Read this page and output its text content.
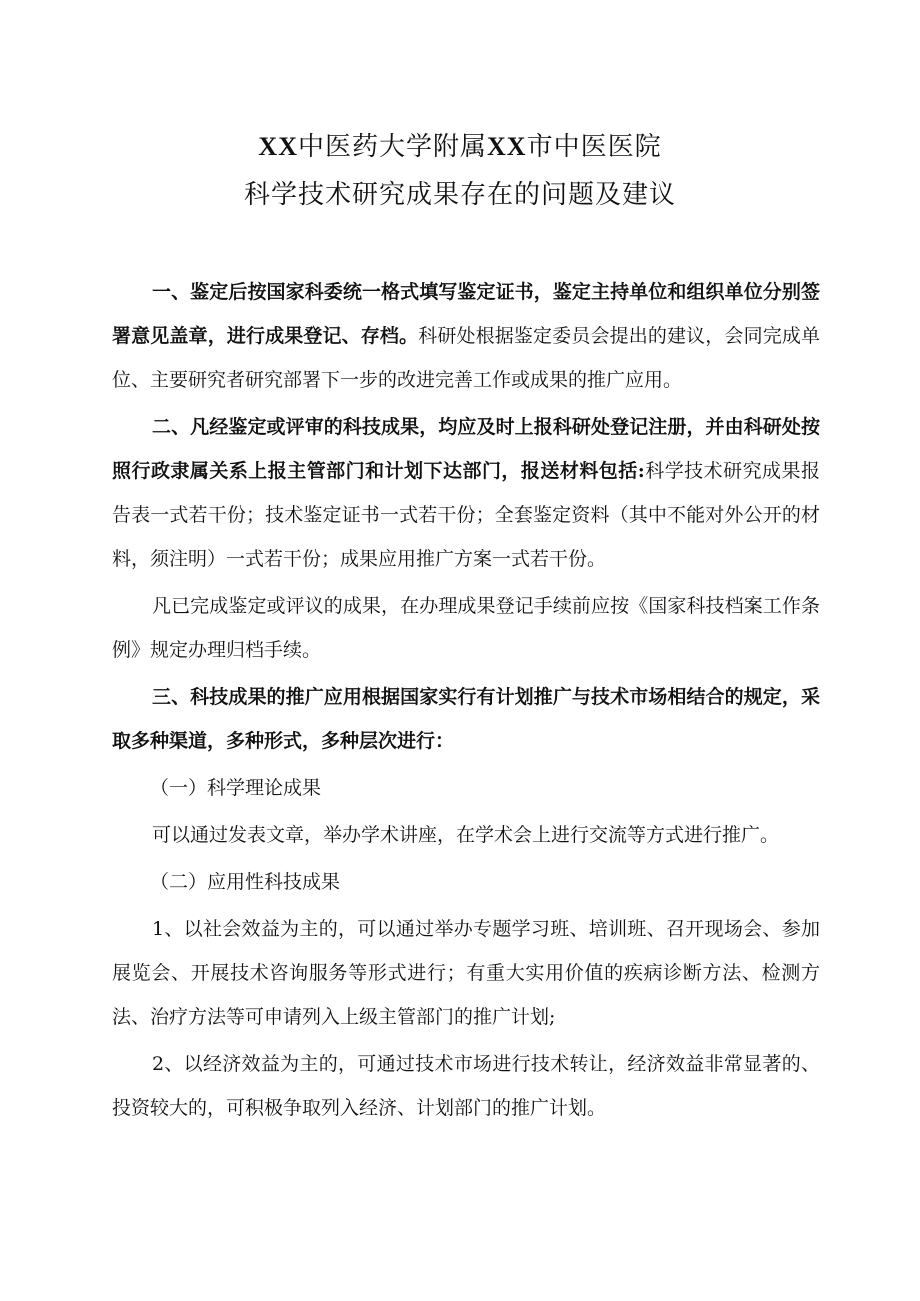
XX中医药大学附属XX市中医医院
科学技术研究成果存在的问题及建议

一、鉴定后按国家科委统一格式填写鉴定证书，鉴定主持单位和组织单位分别签署意见盖章，进行成果登记、存档。科研处根据鉴定委员会提出的建议，会同完成单位、主要研究者研究部署下一步的改进完善工作或成果的推广应用。

二、凡经鉴定或评审的科技成果，均应及时上报科研处登记注册，并由科研处按照行政隶属关系上报主管部门和计划下达部门，报送材料包括:科学技术研究成果报告表一式若干份；技术鉴定证书一式若干份；全套鉴定资料（其中不能对外公开的材料，须注明）一式若干份；成果应用推广方案一式若干份。

凡已完成鉴定或评议的成果，在办理成果登记手续前应按《国家科技档案工作条例》规定办理归档手续。

三、科技成果的推广应用根据国家实行有计划推广与技术市场相结合的规定，采取多种渠道，多种形式，多种层次进行：

（一）科学理论成果

可以通过发表文章，举办学术讲座，在学术会上进行交流等方式进行推广。

（二）应用性科技成果

1、以社会效益为主的，可以通过举办专题学习班、培训班、召开现场会、参加展览会、开展技术咨询服务等形式进行；有重大实用价值的疾病诊断方法、检测方法、治疗方法等可申请列入上级主管部门的推广计划;

2、以经济效益为主的，可通过技术市场进行技术转让，经济效益非常显著的、投资较大的，可积极争取列入经济、计划部门的推广计划。
